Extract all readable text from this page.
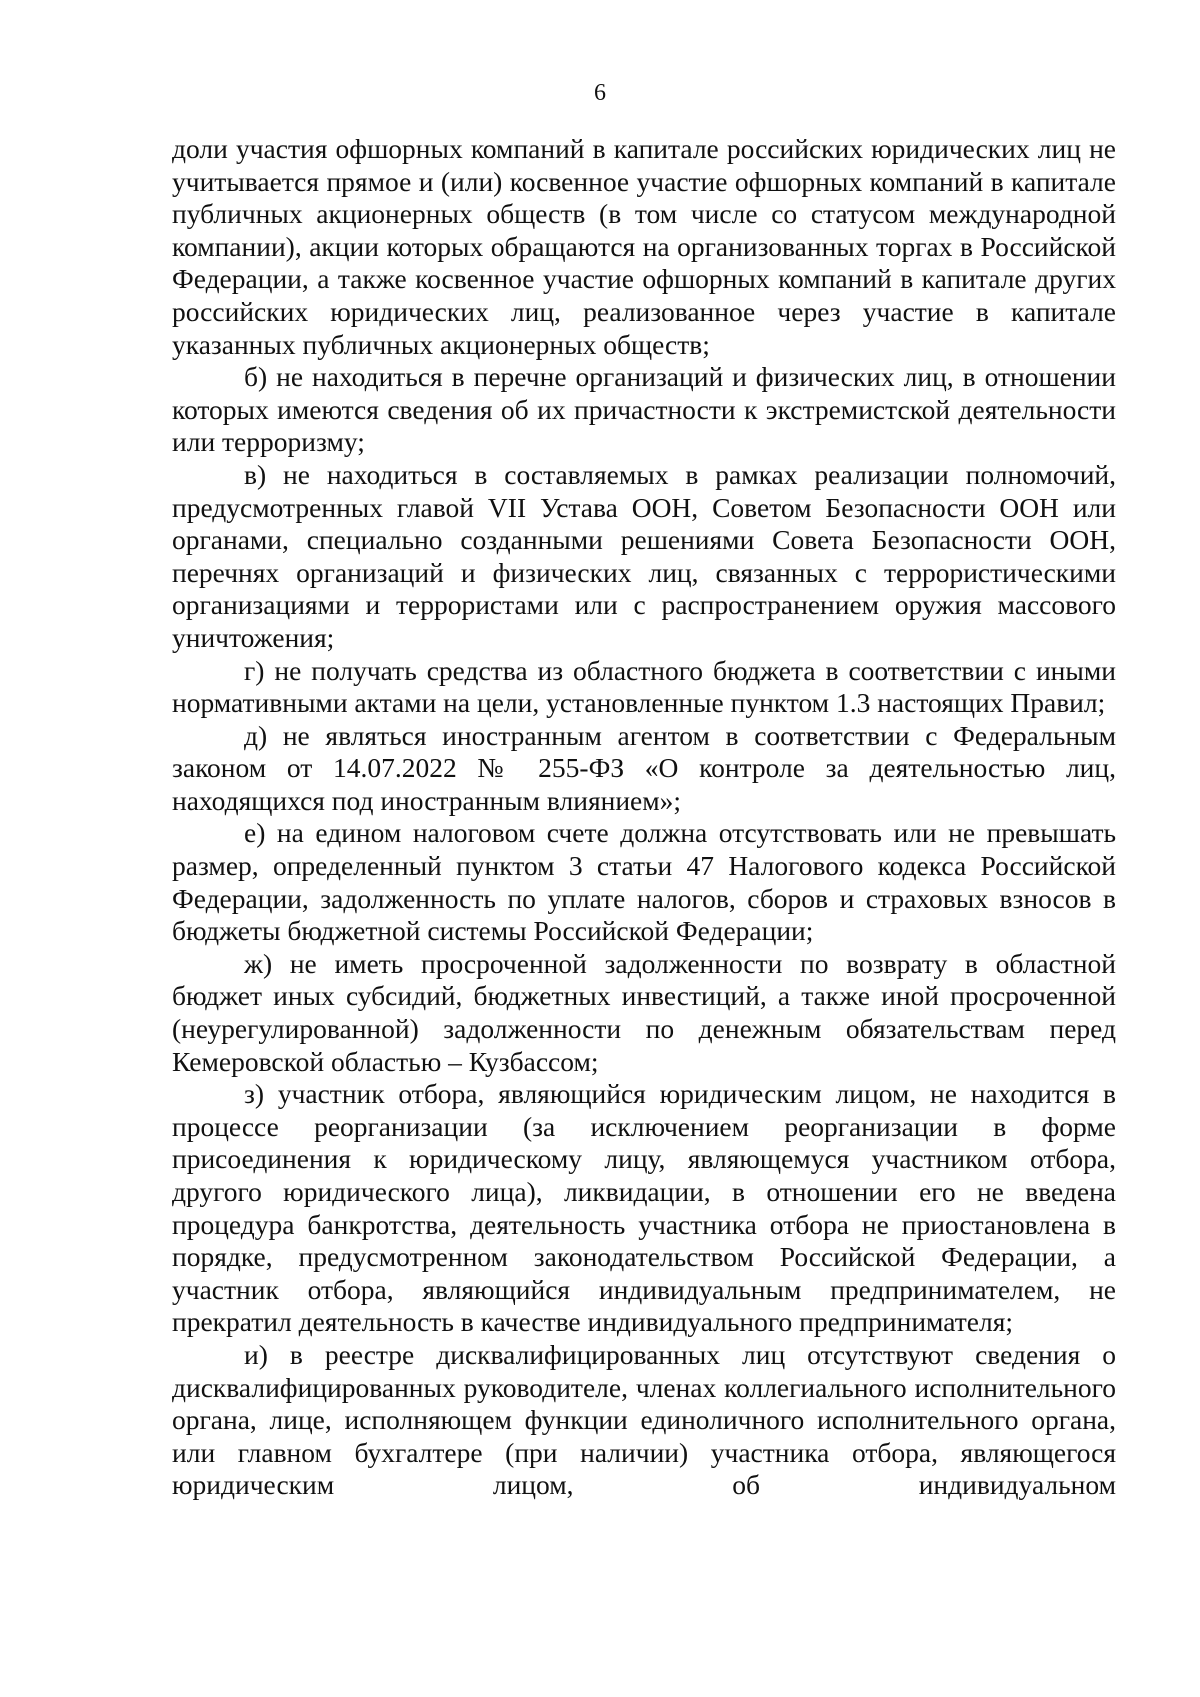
6

доли участия офшорных компаний в капитале российских юридических лиц не учитывается прямое и (или) косвенное участие офшорных компаний в капитале публичных акционерных обществ (в том числе со статусом международной компании), акции которых обращаются на организованных торгах в Российской Федерации, а также косвенное участие офшорных компаний в капитале других российских юридических лиц, реализованное через участие в капитале указанных публичных акционерных обществ;

б) не находиться в перечне организаций и физических лиц, в отношении которых имеются сведения об их причастности к экстремистской деятельности или терроризму;

в) не находиться в составляемых в рамках реализации полномочий, предусмотренных главой VII Устава ООН, Советом Безопасности ООН или органами, специально созданными решениями Совета Безопасности ООН, перечнях организаций и физических лиц, связанных с террористическими организациями и террористами или с распространением оружия массового уничтожения;

г) не получать средства из областного бюджета в соответствии с иными нормативными актами на цели, установленные пунктом 1.3 настоящих Правил;

д) не являться иностранным агентом в соответствии с Федеральным законом от 14.07.2022 № 255-ФЗ «О контроле за деятельностью лиц, находящихся под иностранным влиянием»;

е) на едином налоговом счете должна отсутствовать или не превышать размер, определенный пунктом 3 статьи 47 Налогового кодекса Российской Федерации, задолженность по уплате налогов, сборов и страховых взносов в бюджеты бюджетной системы Российской Федерации;

ж) не иметь просроченной задолженности по возврату в областной бюджет иных субсидий, бюджетных инвестиций, а также иной просроченной (неурегулированной) задолженности по денежным обязательствам перед Кемеровской областью – Кузбассом;

з) участник отбора, являющийся юридическим лицом, не находится в процессе реорганизации (за исключением реорганизации в форме присоединения к юридическому лицу, являющемуся участником отбора, другого юридического лица), ликвидации, в отношении его не введена процедура банкротства, деятельность участника отбора не приостановлена в порядке, предусмотренном законодательством Российской Федерации, а участник отбора, являющийся индивидуальным предпринимателем, не прекратил деятельность в качестве индивидуального предпринимателя;

и) в реестре дисквалифицированных лиц отсутствуют сведения о дисквалифицированных руководителе, членах коллегиального исполнительного органа, лице, исполняющем функции единоличного исполнительного органа, или главном бухгалтере (при наличии) участника отбора, являющегося юридическим лицом, об индивидуальном
